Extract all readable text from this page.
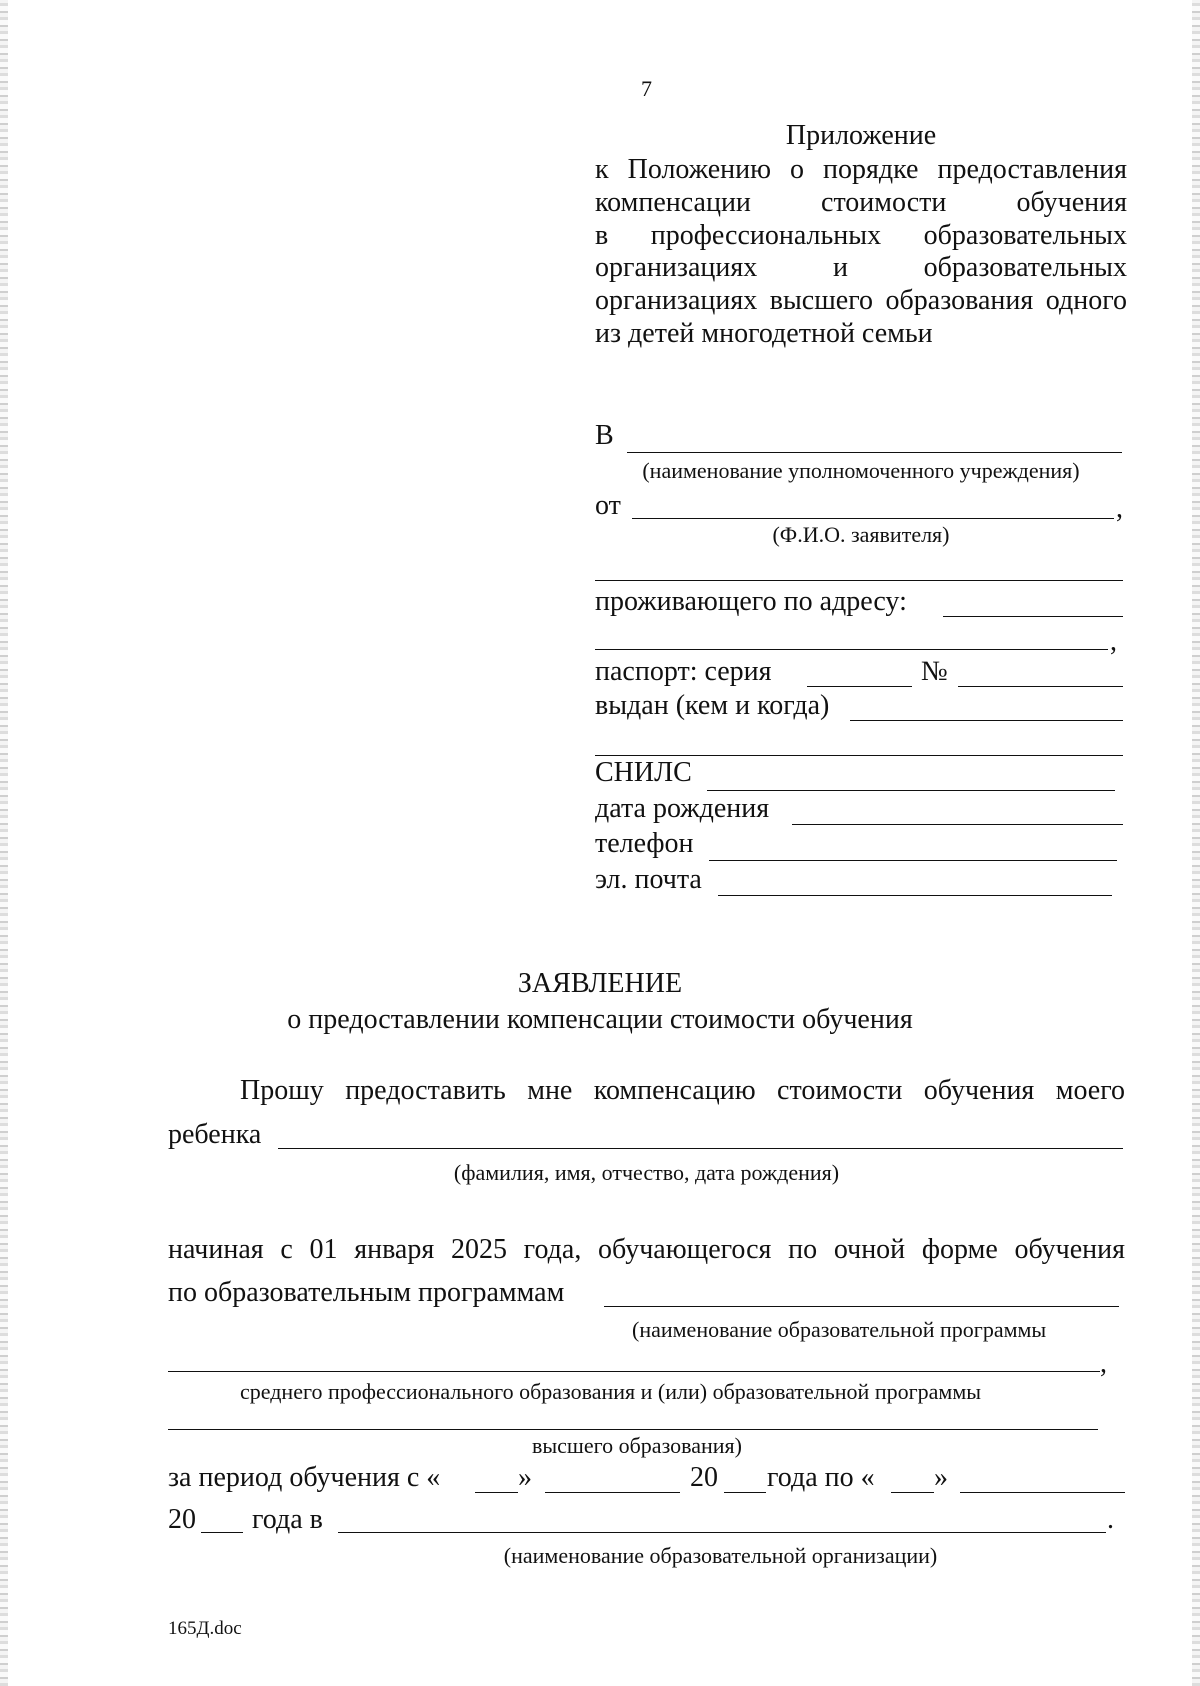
7
Приложение
к Положению о порядке предоставления
компенсации стоимости обучения
в профессиональных образовательных
организациях и образовательных
организациях высшего образования одного
из детей многодетной семьи
В
(наименование уполномоченного учреждения)
от	,
(Ф.И.О. заявителя)
проживающего по адресу:
,
паспорт: серия	№
выдан (кем и когда)
СНИЛС
дата рождения
телефон
эл. почта
ЗАЯВЛЕНИЕ
о предоставлении компенсации стоимости обучения
Прошу предоставить мне компенсацию стоимости обучения моего
ребенка
(фамилия, имя, отчество, дата рождения)
начиная с 01 января 2025 года, обучающегося по очной форме обучения
по образовательным программам
(наименование образовательной программы
,
среднего профессионального образования и (или) образовательной программы
высшего образования)
за период обучения с «	»	20 года по « »
20 года в	.
(наименование образовательной организации)
165Д.doc
